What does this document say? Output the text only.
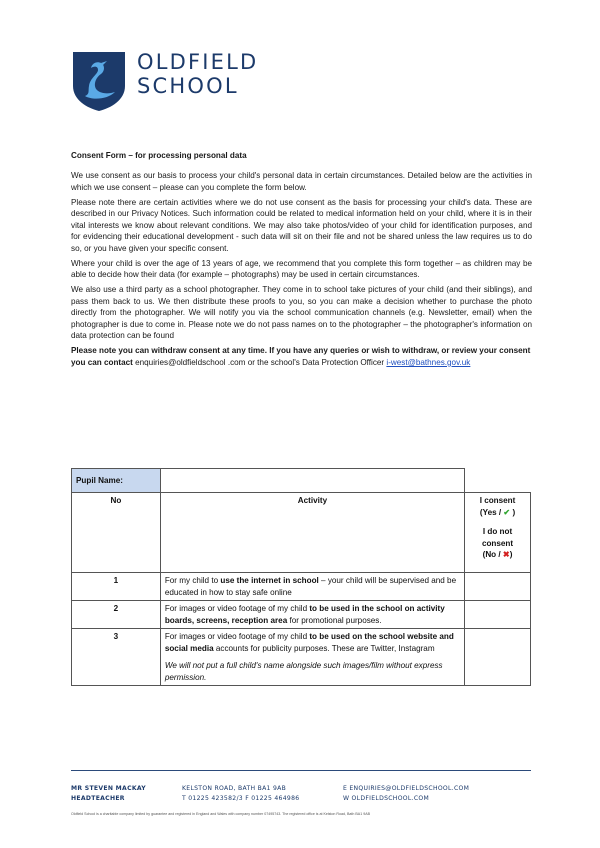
OLDFIELD
SCHOOL

Consent Form – for processing personal data

We use consent as our basis to process your child's personal data in certain circumstances. Detailed below are the activities in which we use consent – please can you complete the form below.

Please note there are certain activities where we do not use consent as the basis for processing your child's data. These are described in our Privacy Notices. Such information could be related to medical information held on your child, where it is in their vital interests we know about relevant conditions. We may also take photos/video of your child for identification purposes, and for evidencing their educational development - such data will sit on their file and not be shared unless the law requires us to do so, or you have given your specific consent.

Where your child is over the age of 13 years of age, we recommend that you complete this form together – as children may be able to decide how their data (for example – photographs) may be used in certain circumstances.

We also use a third party as a school photographer. They come in to school take pictures of your child (and their siblings), and pass them back to us. We then distribute these proofs to you, so you can make a decision whether to purchase the photo directly from the photographer. We will notify you via the school communication channels (e.g. Newsletter, email) when the photographer is due to come in. Please note we do not pass names on to the photographer – the photographer's information on data protection can be found

Please note you can withdraw consent at any time. If you have any queries or wish to withdraw, or review your consent you can contact enquiries@oldfieldschool .com or the school's Data Protection Officer i-west@bathnes.gov.uk

Pupil Name:		
No	Activity	I consent
(Yes / ✔ )
I do not
consent
(No / ✖)

1	For my child to use the internet in school – your child will be supervised and be educated in how to stay safe online	
2	For images or video footage of my child to be used in the school on activity boards, screens, reception area for promotional purposes.	
3	For images or video footage of my child to be used on the school website and social media accounts for publicity purposes. These are Twitter, Instagram
We will not put a full child's name alongside such images/film without express permission.	

MR STEVEN MACKAY
HEADTEACHER
KELSTON ROAD, BATH BA1 9AB
T 01225 423582/3 F 01225 464986
E ENQUIRIES@OLDFIELDSCHOOL.COM
W OLDFIELDSCHOOL.COM
Oldfield School is a charitable company limited by guarantee and registered in England and Wales with company number 07495743. The registered office is at Kelston Road, Bath BA1 9AB
